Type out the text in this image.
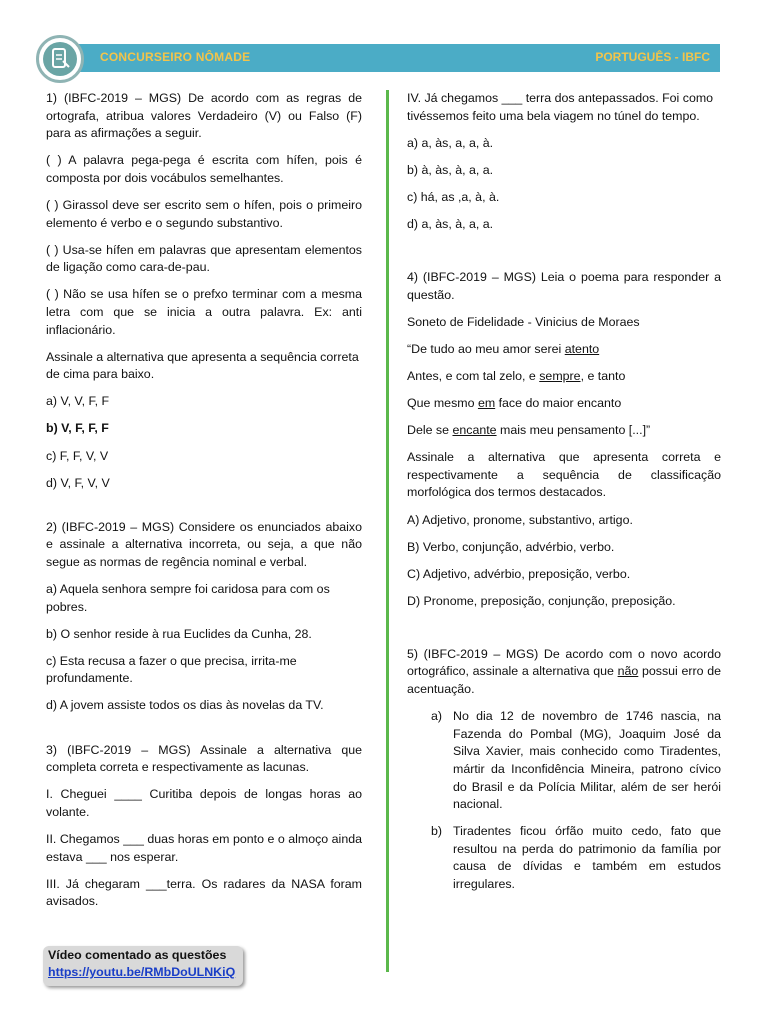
CONCURSEIRO NÔMADE	PORTUGUÊS - IBFC

1) (IBFC-2019 – MGS) De acordo com as regras de ortografa, atribua valores Verdadeiro (V) ou Falso (F) para as afirmações a seguir.

( ) A palavra pega-pega é escrita com hífen, pois é composta por dois vocábulos semelhantes.

( ) Girassol deve ser escrito sem o hífen, pois o primeiro elemento é verbo e o segundo substantivo.

( ) Usa-se hífen em palavras que apresentam elementos de ligação como cara-de-pau.

( ) Não se usa hífen se o prefxo terminar com a mesma letra com que se inicia a outra palavra. Ex: anti inflacionário.

Assinale a alternativa que apresenta a sequência correta de cima para baixo.

a) V, V, F, F

b) V, F, F, F

c) F, F, V, V

d) V, F, V, V

2) (IBFC-2019 – MGS) Considere os enunciados abaixo e assinale a alternativa incorreta, ou seja, a que não segue as normas de regência nominal e verbal.

a) Aquela senhora sempre foi caridosa para com os pobres.

b) O senhor reside à rua Euclides da Cunha, 28.

c) Esta recusa a fazer o que precisa, irrita-me profundamente.

d) A jovem assiste todos os dias às novelas da TV.

3) (IBFC-2019 – MGS) Assinale a alternativa que completa correta e respectivamente as lacunas.

I. Cheguei ____ Curitiba depois de longas horas ao volante.

II. Chegamos ___ duas horas em ponto e o almoço ainda estava ___ nos esperar.

III. Já chegaram ___terra. Os radares da NASA foram avisados.

IV. Já chegamos ___ terra dos antepassados. Foi como tivéssemos feito uma bela viagem no túnel do tempo.

a) a, às, a, a, à.

b) à, às, à, a, a.

c) há, as ,a, à, à.

d) a, às, à, a, a.

4) (IBFC-2019 – MGS) Leia o poema para responder a questão.

Soneto de Fidelidade - Vinicius de Moraes

“De tudo ao meu amor serei atento

Antes, e com tal zelo, e sempre, e tanto

Que mesmo em face do maior encanto

Dele se encante mais meu pensamento [...]”

Assinale a alternativa que apresenta correta e respectivamente a sequência de classificação morfológica dos termos destacados.

A) Adjetivo, pronome, substantivo, artigo.

B) Verbo, conjunção, advérbio, verbo.

C) Adjetivo, advérbio, preposição, verbo.

D) Pronome, preposição, conjunção, preposição.

5) (IBFC-2019 – MGS) De acordo com o novo acordo ortográfico, assinale a alternativa que não possui erro de acentuação.

a) No dia 12 de novembro de 1746 nascia, na Fazenda do Pombal (MG), Joaquim José da Silva Xavier, mais conhecido como Tiradentes, mártir da Inconfidência Mineira, patrono cívico do Brasil e da Polícia Militar, além de ser herói nacional.

b) Tiradentes ficou órfão muito cedo, fato que resultou na perda do patrimonio da família por causa de dívidas e também em estudos irregulares.

Vídeo comentado as questões
https://youtu.be/RMbDoULNKiQ
